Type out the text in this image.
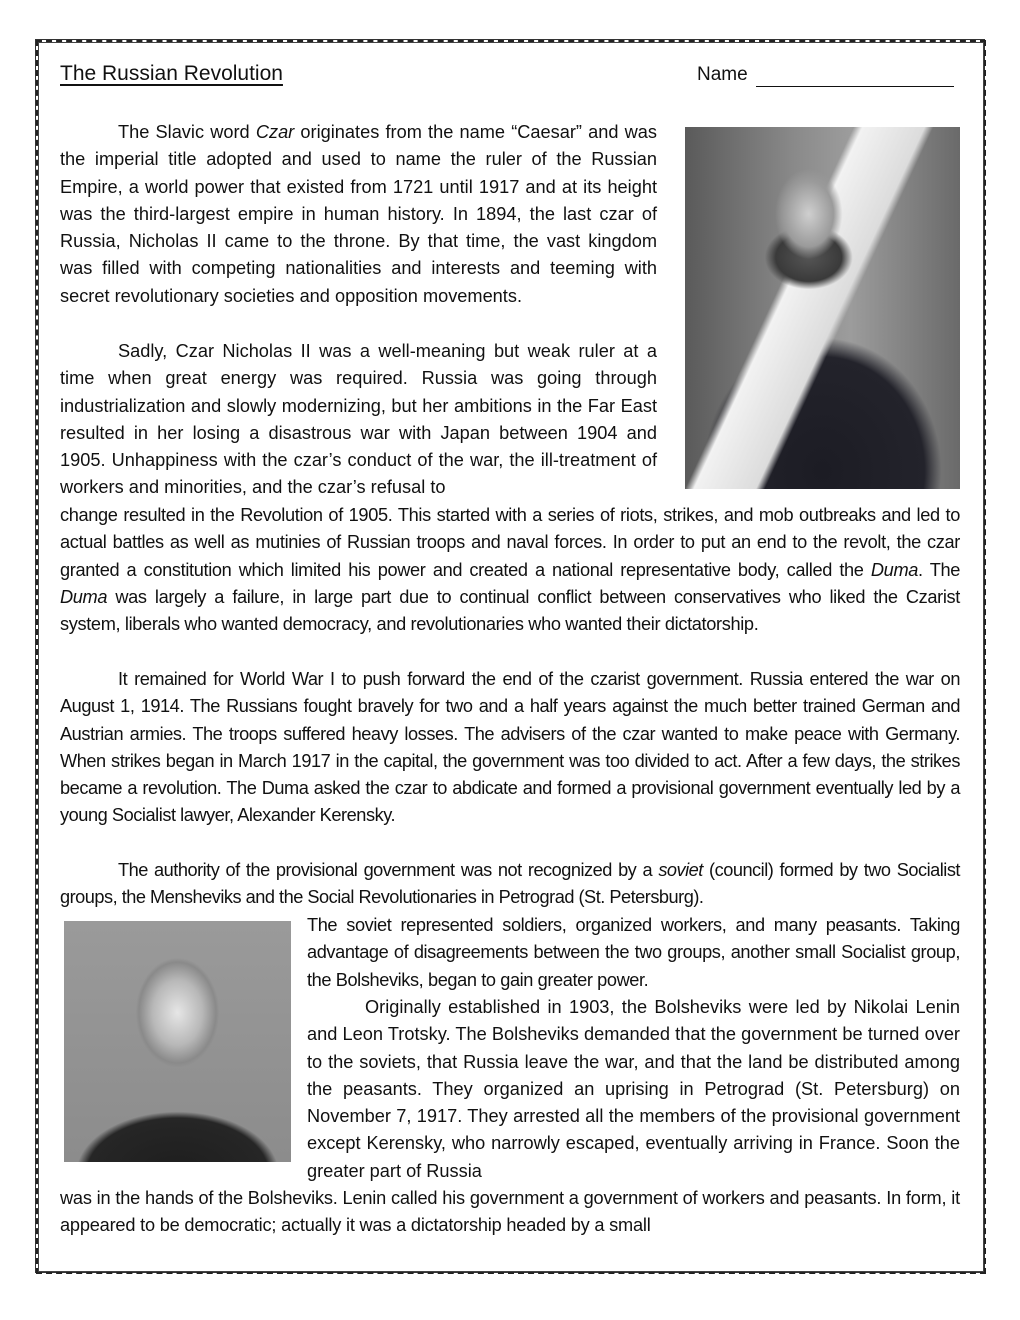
The Russian Revolution	Name

The Slavic word Czar originates from the name “Caesar” and was the imperial title adopted and used to name the ruler of the Russian Empire, a world power that existed from 1721 until 1917 and at its height was the third-largest empire in human history. In 1894, the last czar of Russia, Nicholas II came to the throne. By that time, the vast kingdom was filled with competing nationalities and interests and teeming with secret revolutionary societies and opposition movements.

Sadly, Czar Nicholas II was a well-meaning but weak ruler at a time when great energy was required. Russia was going through industrialization and slowly modernizing, but her ambitions in the Far East resulted in her losing a disastrous war with Japan between 1904 and 1905. Unhappiness with the czar’s conduct of the war, the ill-treatment of workers and minorities, and the czar’s refusal to

change resulted in the Revolution of 1905. This started with a series of riots, strikes, and mob outbreaks and led to actual battles as well as mutinies of Russian troops and naval forces. In order to put an end to the revolt, the czar granted a constitution which limited his power and created a national representative body, called the Duma. The Duma was largely a failure, in large part due to continual conflict between conservatives who liked the Czarist system, liberals who wanted democracy, and revolutionaries who wanted their dictatorship.

It remained for World War I to push forward the end of the czarist government. Russia entered the war on August 1, 1914. The Russians fought bravely for two and a half years against the much better trained German and Austrian armies. The troops suffered heavy losses. The advisers of the czar wanted to make peace with Germany. When strikes began in March 1917 in the capital, the government was too divided to act. After a few days, the strikes became a revolution. The Duma asked the czar to abdicate and formed a provisional government eventually led by a young Socialist lawyer, Alexander Kerensky.

The authority of the provisional government was not recognized by a soviet (council) formed by two Socialist groups, the Mensheviks and the Social Revolutionaries in Petrograd (St. Petersburg).

The soviet represented soldiers, organized workers, and many peasants. Taking advantage of disagreements between the two groups, another small Socialist group, the Bolsheviks, began to gain greater power.

Originally established in 1903, the Bolsheviks were led by Nikolai Lenin and Leon Trotsky. The Bolsheviks demanded that the government be turned over to the soviets, that Russia leave the war, and that the land be distributed among the peasants. They organized an uprising in Petrograd (St. Petersburg) on November 7, 1917. They arrested all the members of the provisional government except Kerensky, who narrowly escaped, eventually arriving in France. Soon the greater part of Russia

was in the hands of the Bolsheviks. Lenin called his government a government of workers and peasants. In form, it appeared to be democratic; actually it was a dictatorship headed by a small
